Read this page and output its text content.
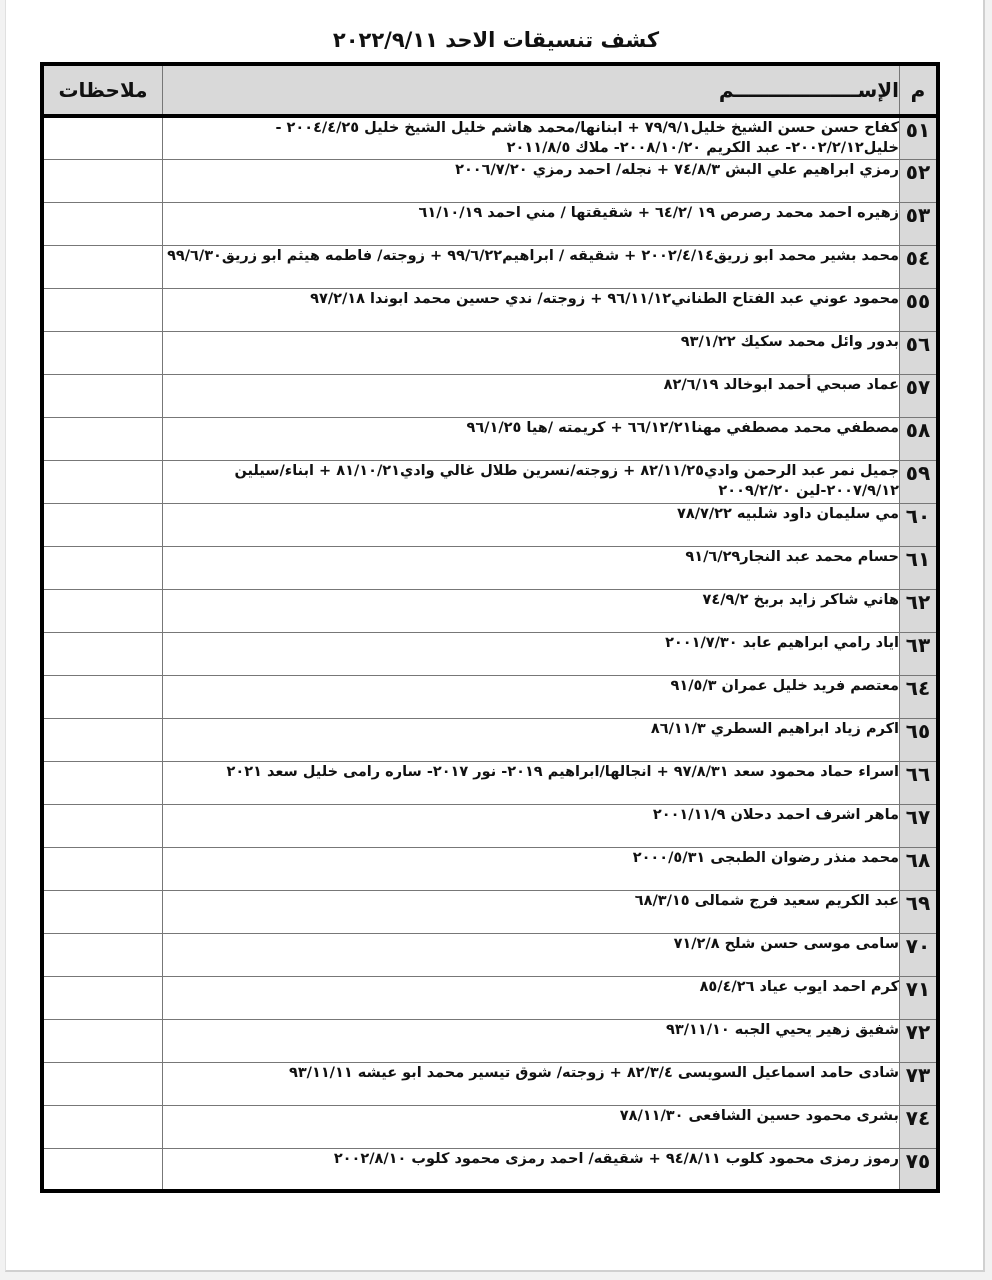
كشف تنسيقات الاحد ٢٠٢٢/٩/١١
م	الإســــــــــــــــــم	ملاحظات
٥١	كفاح حسن حسن الشيخ خليل٧٩/٩/١ + ابنانها/محمد هاشم خليل الشيخ خليل ٢٠٠٤/٤/٢٥ - خليل٢٠٠٢/٢/١٢- عبد الكريم ٢٠٠٨/١٠/٢٠- ملاك ٢٠١١/٨/٥	
٥٢	رمزي ابراهيم علي البش ٧٤/٨/٣ + نجله/ احمد رمزي ٢٠٠٦/٧/٢٠	
٥٣	زهيره احمد محمد رصرص ١٩ /٦٤/٢ + شقيقتها / مني احمد ٦١/١٠/١٩	
٥٤	محمد بشير محمد ابو زريق٢٠٠٢/٤/١٤ + شقيقه / ابراهيم٩٩/٦/٢٢ + زوجته/ فاطمه هيثم ابو زريق٩٩/٦/٣٠	
٥٥	محمود عوني عبد الفتاح الطناني٩٦/١١/١٢ + زوجته/ ندي حسين محمد ابوندا ٩٧/٢/١٨	
٥٦	بدور وائل محمد سكيك ٩٣/١/٢٢	
٥٧	عماد صبحي أحمد ابوخالد ٨٢/٦/١٩	
٥٨	مصطفي محمد مصطفي مهنا٦٦/١٢/٢١ + كريمته /هيا ٩٦/١/٢٥	
٥٩	جميل نمر عبد الرحمن وادي٨٢/١١/٢٥ + زوجته/نسرين طلال غالي وادي٨١/١٠/٢١ + ابناء/سيلين ٢٠٠٧/٩/١٢-لين ٢٠٠٩/٢/٢٠	
٦٠	مي سليمان داود شلبيه ٧٨/٧/٢٢	
٦١	حسام محمد عبد النجار٩١/٦/٢٩	
٦٢	هاني شاكر زايد بربخ ٧٤/٩/٢	
٦٣	اياد رامي ابراهيم عابد ٢٠٠١/٧/٣٠	
٦٤	معتصم فريد خليل عمران ٩١/٥/٣	
٦٥	اكرم زياد ابراهيم السطري ٨٦/١١/٣	
٦٦	اسراء حماد محمود سعد ٩٧/٨/٣١ + انجالها/ابراهيم ٢٠١٩- نور ٢٠١٧- ساره رامى خليل سعد ٢٠٢١	
٦٧	ماهر اشرف احمد دحلان ٢٠٠١/١١/٩	
٦٨	محمد منذر رضوان الطبجى ٢٠٠٠/٥/٣١	
٦٩	عبد الكريم سعيد فرج شمالى ٦٨/٣/١٥	
٧٠	سامى موسى حسن شلح ٧١/٢/٨	
٧١	كرم احمد ايوب عياد ٨٥/٤/٢٦	
٧٢	شفيق زهير يحيي الجبه ٩٣/١١/١٠	
٧٣	شادى حامد اسماعيل السويسى ٨٢/٣/٤ + زوجته/ شوق تيسير محمد ابو عيشه ٩٣/١١/١١	
٧٤	بشرى محمود حسين الشافعى ٧٨/١١/٣٠	
٧٥	رموز رمزى محمود كلوب ٩٤/٨/١١ + شقيقه/ احمد رمزى محمود كلوب ٢٠٠٢/٨/١٠	
